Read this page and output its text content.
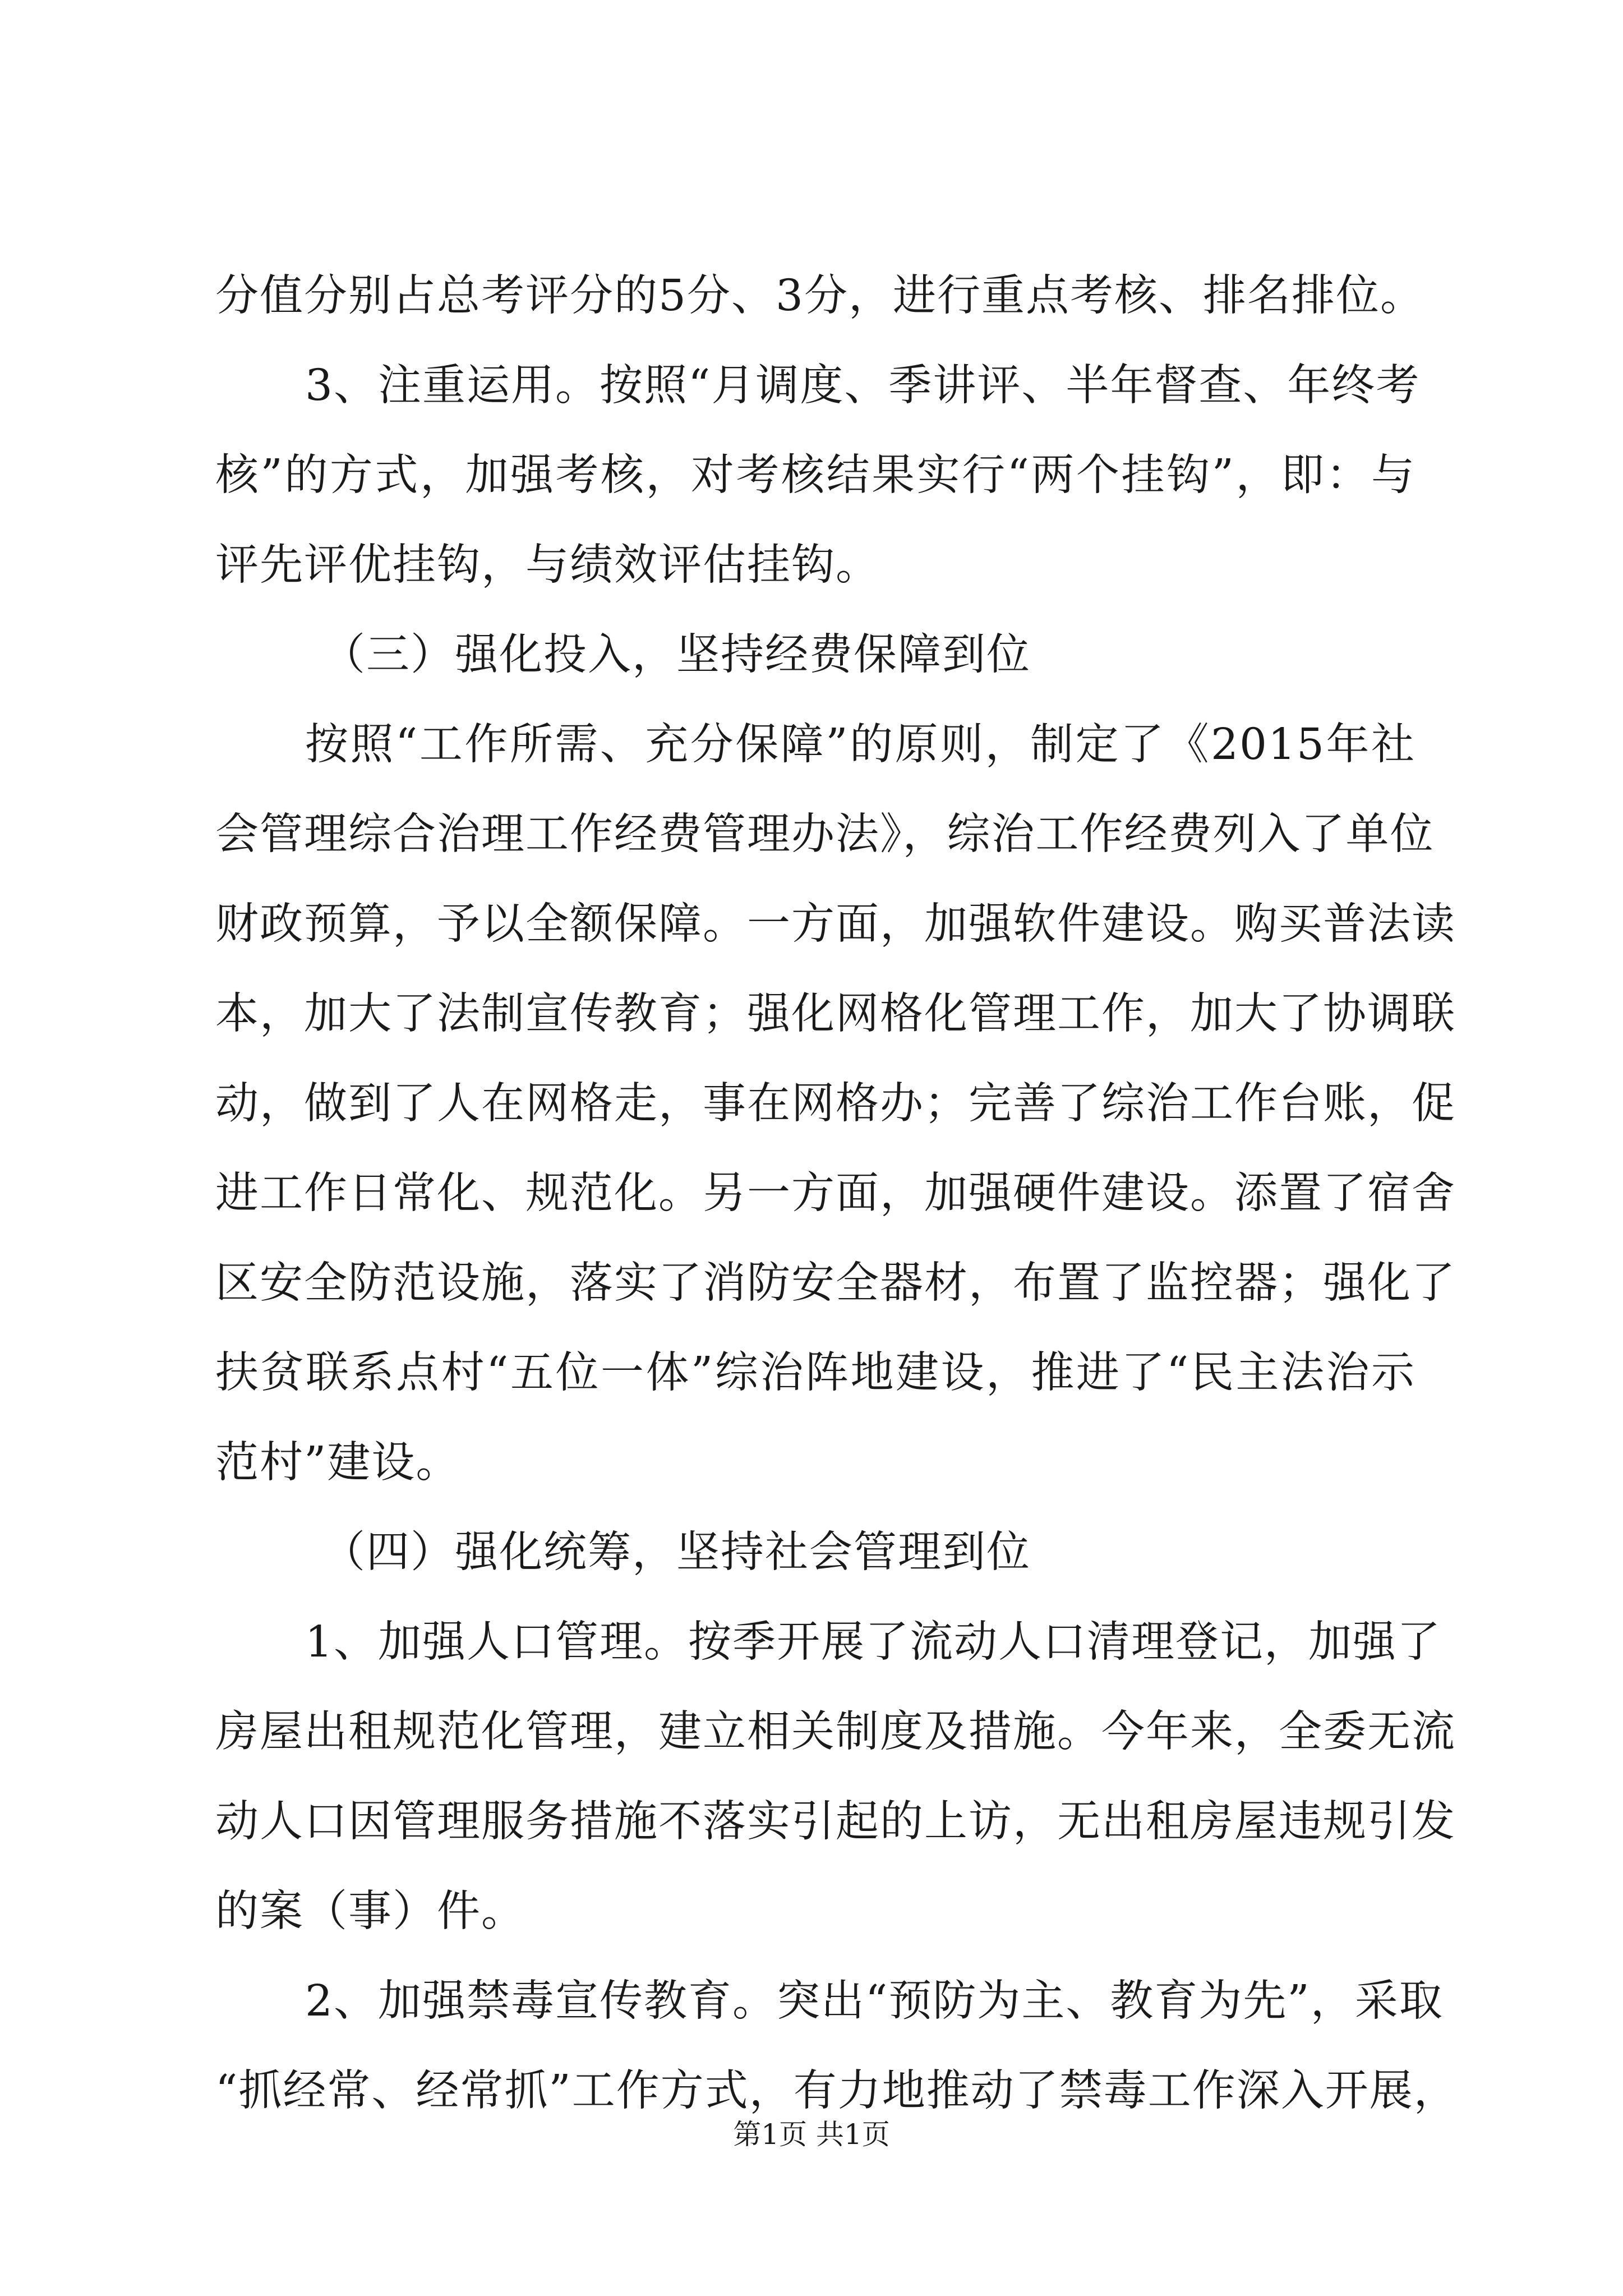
分值分别占总考评分的5分、3分，进行重点考核、排名排位。
3、注重运用。按照“月调度、季讲评、半年督查、年终考
核”的方式，加强考核，对考核结果实行“两个挂钩”，即：与
评先评优挂钩，与绩效评估挂钩。
（三）强化投入，坚持经费保障到位
按照“工作所需、充分保障”的原则，制定了《2015年社
会管理综合治理工作经费管理办法》，综治工作经费列入了单位
财政预算，予以全额保障。一方面，加强软件建设。购买普法读
本，加大了法制宣传教育；强化网格化管理工作，加大了协调联
动，做到了人在网格走，事在网格办；完善了综治工作台账，促
进工作日常化、规范化。另一方面，加强硬件建设。添置了宿舍
区安全防范设施，落实了消防安全器材，布置了监控器；强化了
扶贫联系点村“五位一体”综治阵地建设，推进了“民主法治示
范村”建设。
（四）强化统筹，坚持社会管理到位
1、加强人口管理。按季开展了流动人口清理登记，加强了
房屋出租规范化管理，建立相关制度及措施。今年来，全委无流
动人口因管理服务措施不落实引起的上访，无出租房屋违规引发
的案（事）件。
2、加强禁毒宣传教育。突出“预防为主、教育为先”，采取
“抓经常、经常抓”工作方式，有力地推动了禁毒工作深入开展，
第1页 共1页
